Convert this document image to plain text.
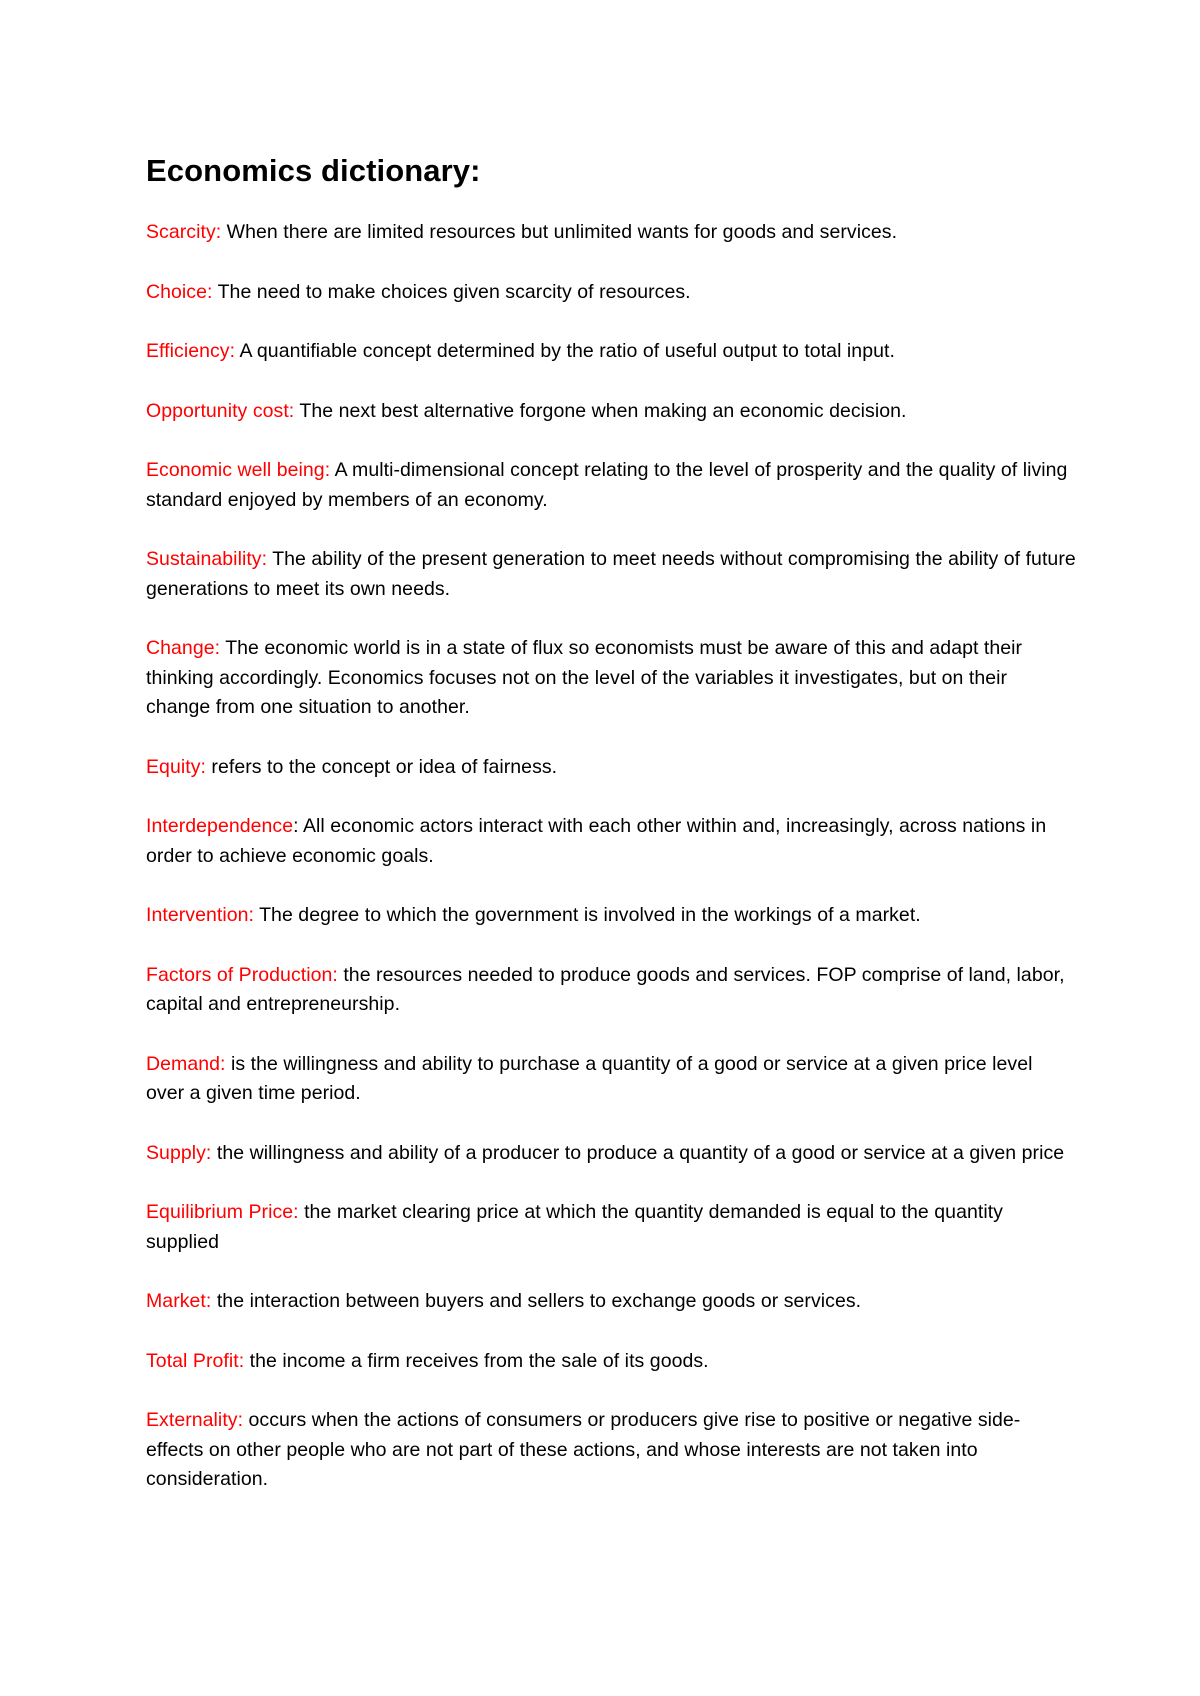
Economics dictionary:

Scarcity: When there are limited resources but unlimited wants for goods and services.

Choice: The need to make choices given scarcity of resources.

Efficiency: A quantifiable concept determined by the ratio of useful output to total input.

Opportunity cost: The next best alternative forgone when making an economic decision.

Economic well being: A multi-dimensional concept relating to the level of prosperity and the quality of living standard enjoyed by members of an economy.

Sustainability: The ability of the present generation to meet needs without compromising the ability of future generations to meet its own needs.

Change: The economic world is in a state of flux so economists must be aware of this and adapt their thinking accordingly. Economics focuses not on the level of the variables it investigates, but on their change from one situation to another.

Equity: refers to the concept or idea of fairness.

Interdependence: All economic actors interact with each other within and, increasingly, across nations in order to achieve economic goals.

Intervention: The degree to which the government is involved in the workings of a market.

Factors of Production: the resources needed to produce goods and services. FOP comprise of land, labor, capital and entrepreneurship.

Demand: is the willingness and ability to purchase a quantity of a good or service at a given price level over a given time period.

Supply: the willingness and ability of a producer to produce a quantity of a good or service at a given price

Equilibrium Price: the market clearing price at which the quantity demanded is equal to the quantity supplied

Market: the interaction between buyers and sellers to exchange goods or services.

Total Profit: the income a firm receives from the sale of its goods.

Externality: occurs when the actions of consumers or producers give rise to positive or negative side-effects on other people who are not part of these actions, and whose interests are not taken into consideration.
